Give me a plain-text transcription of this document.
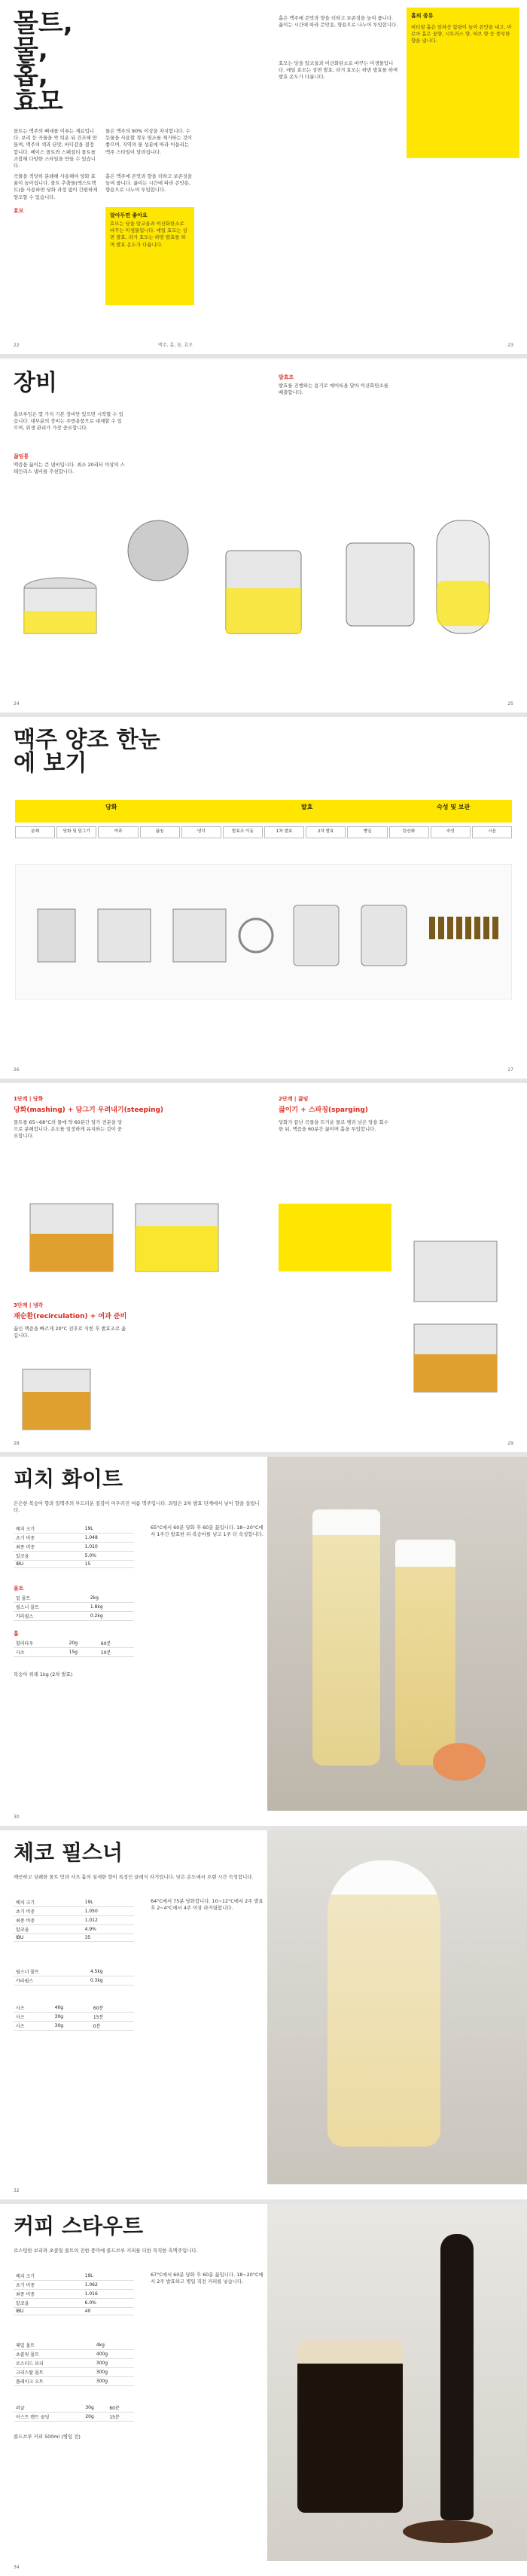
몰트, 물, 홉, 효모
몰트는 맥주의 뼈대를 이루는 재료입니다. 보리 등 곡물을 싹 틔운 뒤 건조해 만들며, 맥주의 색과 단맛, 바디감을 결정합니다. 베이스 몰트와 스페셜티 몰트를 조합해 다양한 스타일을 만들 수 있습니다.
곡물을 적당히 분쇄해 사용해야 당화 효율이 높아집니다. 몰트 추출물(엑스트랙트)을 사용하면 당화 과정 없이 간편하게 양조할 수 있습니다.
물은 맥주의 90% 이상을 차지합니다. 수돗물을 사용할 경우 염소를 제거하는 것이 좋으며, 지역의 물 성분에 따라 어울리는 맥주 스타일이 달라집니다.
홉은 맥주에 쓴맛과 향을 더하고 보존성을 높여 줍니다. 끓이는 시간에 따라 쓴맛용, 향용으로 나누어 투입합니다.
효모
알아두면 좋아요
효모는 당을 알코올과 이산화탄소로 바꾸는 미생물입니다. 에일 효모는 상면 발효, 라거 효모는 하면 발효를 하며 발효 온도가 다릅니다.
홉의 종류
비터링 홉은 알파산 함량이 높아 쓴맛을 내고, 아로마 홉은 꽃향, 시트러스 향, 허브 향 등 풍부한 향을 냅니다.
홉은 맥주에 쓴맛과 향을 더하고 보존성을 높여 줍니다. 끓이는 시간에 따라 쓴맛용, 향용으로 나누어 투입합니다.
효모는 당을 알코올과 이산화탄소로 바꾸는 미생물입니다. 에일 효모는 상면 발효, 라거 효모는 하면 발효를 하며 발효 온도가 다릅니다.
22	맥주, 홉, 물, 효모	23
장비
홈브루잉은 몇 가지 기본 장비만 있으면 시작할 수 있습니다. 대부분의 장비는 주방용품으로 대체할 수 있으며, 위생 관리가 가장 중요합니다.
끓임통
맥즙을 끓이는 큰 냄비입니다. 최소 20리터 이상의 스테인리스 냄비를 추천합니다.
발효조
발효를 진행하는 용기로 에어록을 달아 이산화탄소를 배출합니다.
24	25
맥주 양조 한눈에 보기
당화	발효	숙성 및 보관
분쇄	당화 및 담그기	여과	끓임	냉각	발효조 이동	1차 발효	2차 발효	병입	탄산화	숙성	시음
26	27
1단계 | 당화
당화(mashing) + 담그기 우려내기(steeping)
몰트를 65~68°C의 물에 약 60분간 담가 전분을 당으로 분해합니다. 온도를 일정하게 유지하는 것이 중요합니다.
3단계 | 냉각
재순환(recirculation) + 여과 준비
끓인 맥즙을 빠르게 20°C 전후로 식힌 후 발효조로 옮깁니다.
2단계 | 끓임
끓이기 + 스파징(sparging)
당화가 끝난 곡물을 뜨거운 물로 헹궈 남은 당을 회수한 뒤, 맥즙을 60분간 끓이며 홉을 투입합니다.
28	29
피치 화이트
은은한 복숭아 향과 밀맥주의 부드러운 질감이 어우러진 여름 맥주입니다. 과일은 2차 발효 단계에서 넣어 향을 살립니다.
배치 크기	19L
초기 비중	1.048
최종 비중	1.010
알코올	5.0%
IBU	15
몰트
밀 몰트	2kg
필스너 몰트	1.8kg
카라필스	0.2kg
홉
할러타우	20g	60분
사츠	15g	10분
복숭아 퓌레 1kg (2차 발효)
65°C에서 60분 당화 후 60분 끓입니다. 18~20°C에서 1주간 발효한 뒤 복숭아를 넣고 1주 더 숙성합니다.
30
체코 필스너
깨끗하고 상쾌한 몰트 맛과 사츠 홉의 섬세한 향이 특징인 클래식 라거입니다. 낮은 온도에서 오랜 시간 숙성합니다.
배치 크기	19L
초기 비중	1.050
최종 비중	1.012
알코올	4.9%
IBU	35
필스너 몰트	4.5kg
카라필스	0.3kg
사츠	40g	60분
사츠	30g	15분
사츠	30g	0분
64°C에서 75분 당화합니다. 10~12°C에서 2주 발효 후 2~4°C에서 4주 이상 라거링합니다.
32
커피 스타우트
로스팅한 보리와 초콜릿 몰트의 진한 풍미에 콜드브루 커피를 더한 묵직한 흑맥주입니다.
배치 크기	19L
초기 비중	1.062
최종 비중	1.016
알코올	6.0%
IBU	40
페일 몰트	4kg
초콜릿 몰트	400g
로스티드 보리	300g
크리스탈 몰트	300g
플레이크 오트	300g
퍼글	30g	60분
이스트 켄트 골딩	20g	15분
콜드브루 커피 500ml (병입 전)
67°C에서 60분 당화 후 60분 끓입니다. 18~20°C에서 2주 발효하고 병입 직전 커피를 넣습니다.
34
